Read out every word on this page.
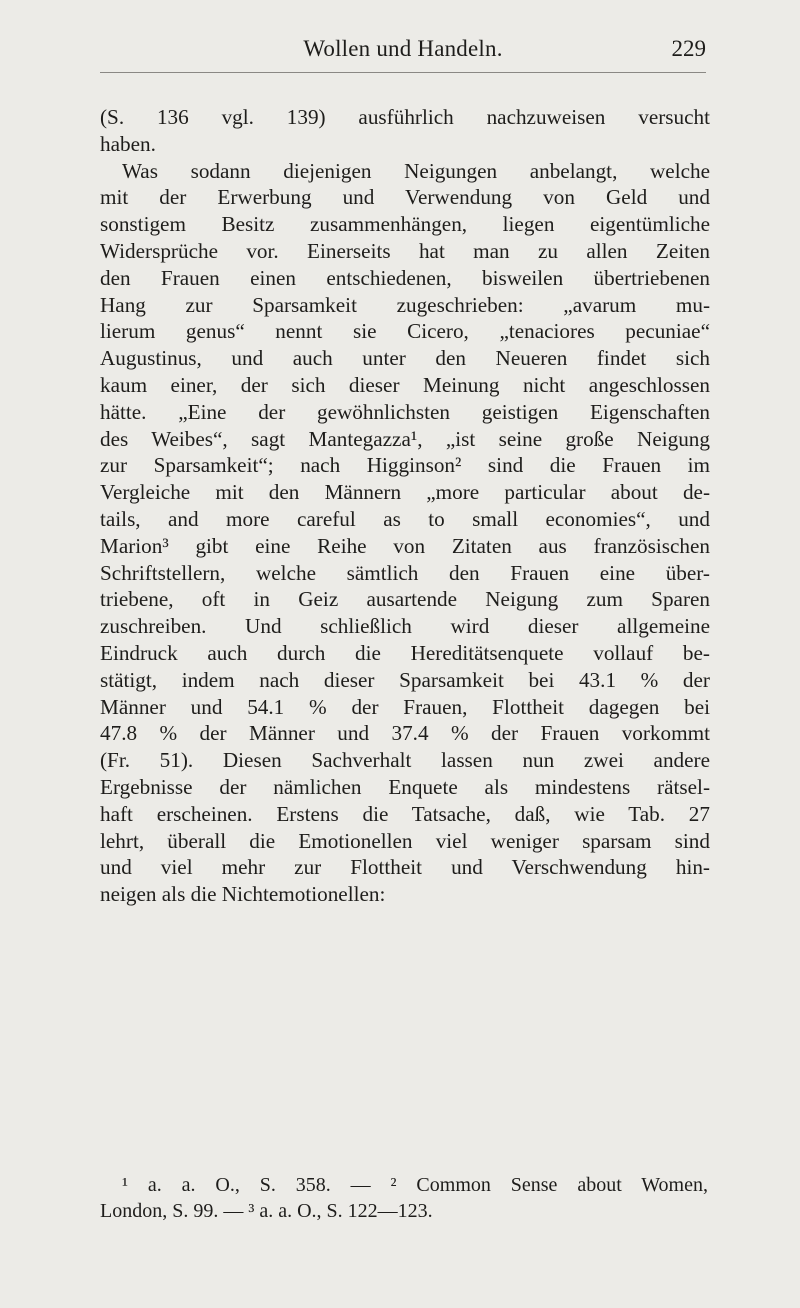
Wollen und Handeln.	229
(S. 136 vgl. 139) ausführlich nachzuweisen versucht
haben.
Was sodann diejenigen Neigungen anbelangt, welche
mit der Erwerbung und Verwendung von Geld und
sonstigem Besitz zusammenhängen, liegen eigentümliche
Widersprüche vor. Einerseits hat man zu allen Zeiten
den Frauen einen entschiedenen, bisweilen übertriebenen
Hang zur Sparsamkeit zugeschrieben: „avarum mu-
lierum genus“ nennt sie Cicero, „tenaciores pecuniae“
Augustinus, und auch unter den Neueren findet sich
kaum einer, der sich dieser Meinung nicht angeschlossen
hätte. „Eine der gewöhnlichsten geistigen Eigenschaften
des Weibes“, sagt Mantegazza¹, „ist seine große Neigung
zur Sparsamkeit“; nach Higginson² sind die Frauen im
Vergleiche mit den Männern „more particular about de-
tails, and more careful as to small economies“, und
Marion³ gibt eine Reihe von Zitaten aus französischen
Schriftstellern, welche sämtlich den Frauen eine über-
triebene, oft in Geiz ausartende Neigung zum Sparen
zuschreiben. Und schließlich wird dieser allgemeine
Eindruck auch durch die Hereditätsenquete vollauf be-
stätigt, indem nach dieser Sparsamkeit bei 43.1 % der
Männer und 54.1 % der Frauen, Flottheit dagegen bei
47.8 % der Männer und 37.4 % der Frauen vorkommt
(Fr. 51). Diesen Sachverhalt lassen nun zwei andere
Ergebnisse der nämlichen Enquete als mindestens rätsel-
haft erscheinen. Erstens die Tatsache, daß, wie Tab. 27
lehrt, überall die Emotionellen viel weniger sparsam sind
und viel mehr zur Flottheit und Verschwendung hin-
neigen als die Nichtemotionellen:
¹ a. a. O., S. 358. — ² Common Sense about Women,
London, S. 99. — ³ a. a. O., S. 122—123.
